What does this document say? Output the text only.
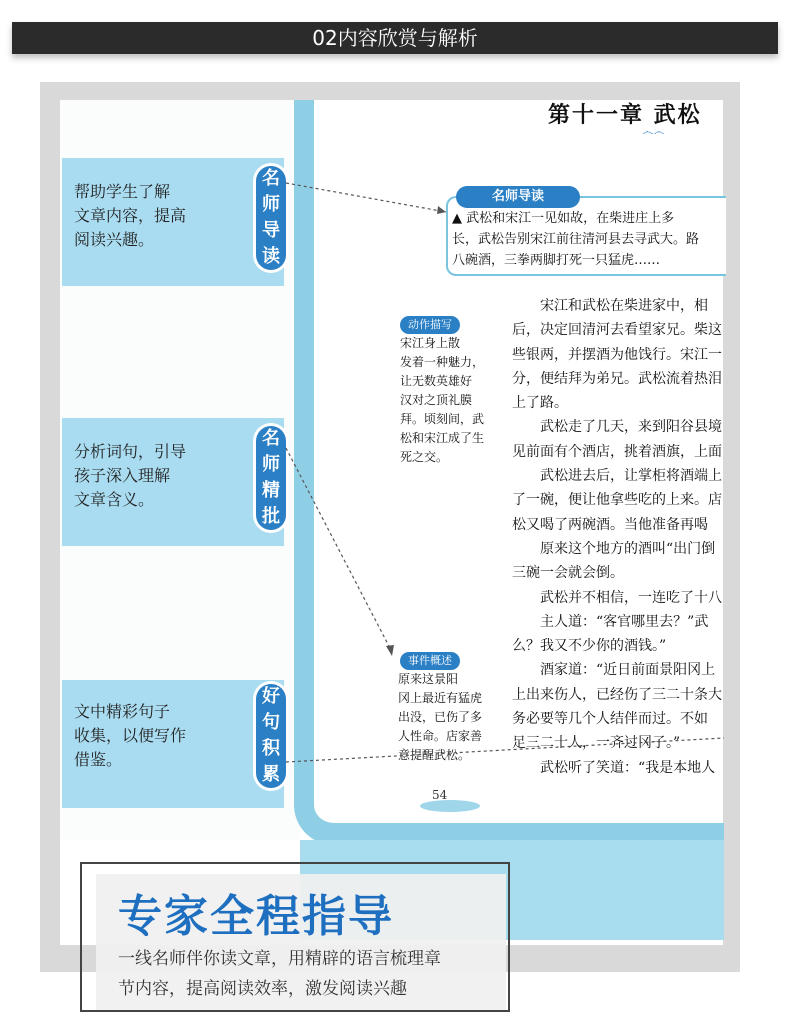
02内容欣赏与解析
帮助学生了解
文章内容，提高
阅读兴趣。
名
师
导
读
分析词句，引导
孩子深入理解
文章含义。
名
师
精
批
文中精彩句子
收集，以便写作
借鉴。
好
句
积
累
第十一章 武松
෴෴
名师导读
▲ 武松和宋江一见如故，在柴进庄上多
长，武松告别宋江前往清河县去寻武大。路
八碗酒，三拳两脚打死一只猛虎……
动作描写
宋江身上散
发着一种魅力，
让无数英雄好
汉对之顶礼膜
拜。顷刻间，武
松和宋江成了生
死之交。
事件概述
原来这景阳
冈上最近有猛虎
出没，已伤了多
人性命。店家善
意提醒武松。
宋江和武松在柴进家中，相
后，决定回清河去看望家兄。柴这
些银两，并摆酒为他饯行。宋江一
分，便结拜为弟兄。武松流着热泪
上了路。
武松走了几天，来到阳谷县境
见前面有个酒店，挑着酒旗，上面
武松进去后，让掌柜将酒端上
了一碗，便让他拿些吃的上来。店
松又喝了两碗酒。当他准备再喝
原来这个地方的酒叫“出门倒
三碗一会就会倒。
武松并不相信，一连吃了十八
主人道：“客官哪里去？”武
么？我又不少你的酒钱。”
酒家道：“近日前面景阳冈上
上出来伤人，已经伤了三二十条大
务必要等几个人结伴而过。不如
足三二十人，一齐过冈子。”
武松听了笑道：“我是本地人
54
专家全程指导
一线名师伴你读文章，用精辟的语言梳理章
节内容，提高阅读效率，激发阅读兴趣
